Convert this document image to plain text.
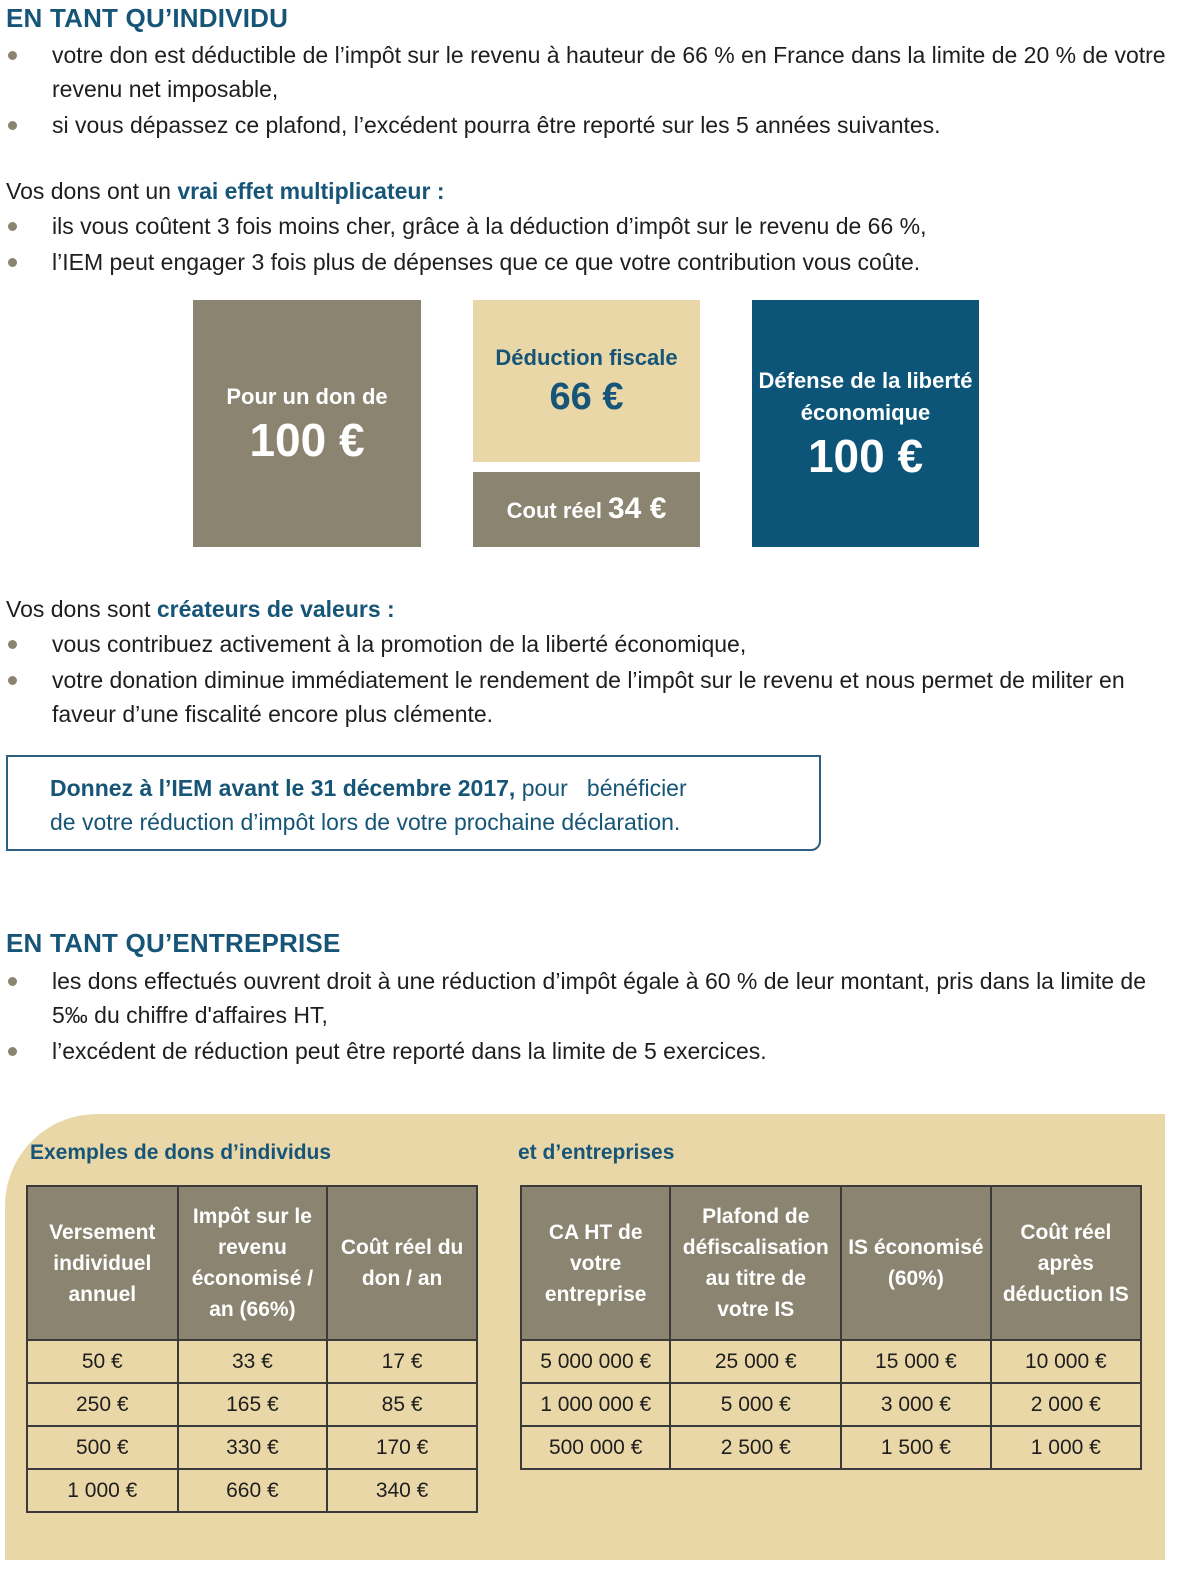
EN TANT QU’INDIVIDU
votre don est déductible de l’impôt sur le revenu à hauteur de 66 % en France dans la limite de 20 % de votre revenu net imposable,
si vous dépassez ce plafond, l’excédent pourra être reporté sur les 5 années suivantes.
Vos dons ont un vrai effet multiplicateur :
ils vous coûtent 3 fois moins cher, grâce à la déduction d’impôt sur le revenu de 66 %,
l’IEM peut engager 3 fois plus de dépenses que ce que votre contribution vous coûte.
Pour un don de
100 €
Déduction fiscale
66 €
Cout réel 34 €
Défense de la liberté
économique
100 €
Vos dons sont créateurs de valeurs :
vous contribuez activement à la promotion de la liberté économique,
votre donation diminue immédiatement le rendement de l’impôt sur le revenu et nous permet de militer en faveur d’une fiscalité encore plus clémente.
Donnez à l’IEM avant le 31 décembre 2017, pour   bénéficier
de votre réduction d’impôt lors de votre prochaine déclaration.
EN TANT QU’ENTREPRISE
les dons effectués ouvrent droit à une réduction d’impôt égale à 60 % de leur montant, pris dans la limite de 5‰ du chiffre d'affaires HT,
l’excédent de réduction peut être reporté dans la limite de 5 exercices.
Exemples de dons d’individus	et d’entreprises
Versement individuel annuel	Impôt sur le revenu économisé / an (66%)	Coût réel du don / an
50 €	33 €	17 €
250 €	165 €	85 €
500 €	330 €	170 €
1 000 €	660 €	340 €
CA HT de votre entreprise	Plafond de défiscalisation au titre de votre IS	IS économisé (60%)	Coût réel après déduction IS
5 000 000 €	25 000 €	15 000 €	10 000 €
1 000 000 €	5 000 €	3 000 €	2 000 €
500 000 €	2 500 €	1 500 €	1 000 €
